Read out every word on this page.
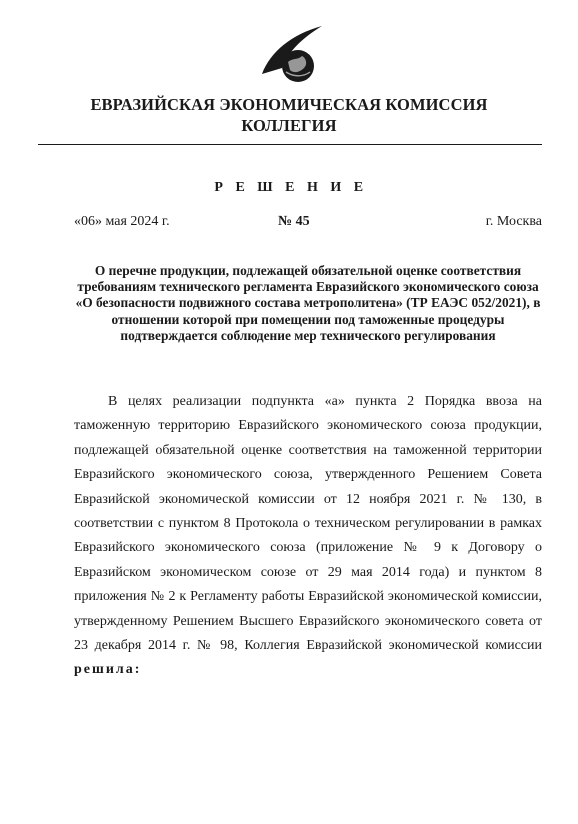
ЕВРАЗИЙСКАЯ ЭКОНОМИЧЕСКАЯ КОМИССИЯ
КОЛЛЕГИЯ
Р Е Ш Е Н И Е
«06» мая 2024 г.	№ 45	г. Москва
О перечне продукции, подлежащей обязательной оценке соответствия требованиям технического регламента Евразийского экономического союза «О безопасности подвижного состава метрополитена» (ТР ЕАЭС 052/2021), в отношении которой при помещении под таможенные процедуры подтверждается соблюдение мер технического регулирования

В целях реализации подпункта «а» пункта 2 Порядка ввоза на таможенную территорию Евразийского экономического союза продукции, подлежащей обязательной оценке соответствия на таможенной территории Евразийского экономического союза, утвержденного Решением Совета Евразийской экономической комиссии от 12 ноября 2021 г. № 130, в соответствии с пунктом 8 Протокола о техническом регулировании в рамках Евразийского экономического союза (приложение № 9 к Договору о Евразийском экономическом союзе от 29 мая 2014 года) и пунктом 8 приложения № 2 к Регламенту работы Евразийской экономической комиссии, утвержденному Решением Высшего Евразийского экономического совета от 23 декабря 2014 г. № 98, Коллегия Евразийской экономической комиссии решила:
